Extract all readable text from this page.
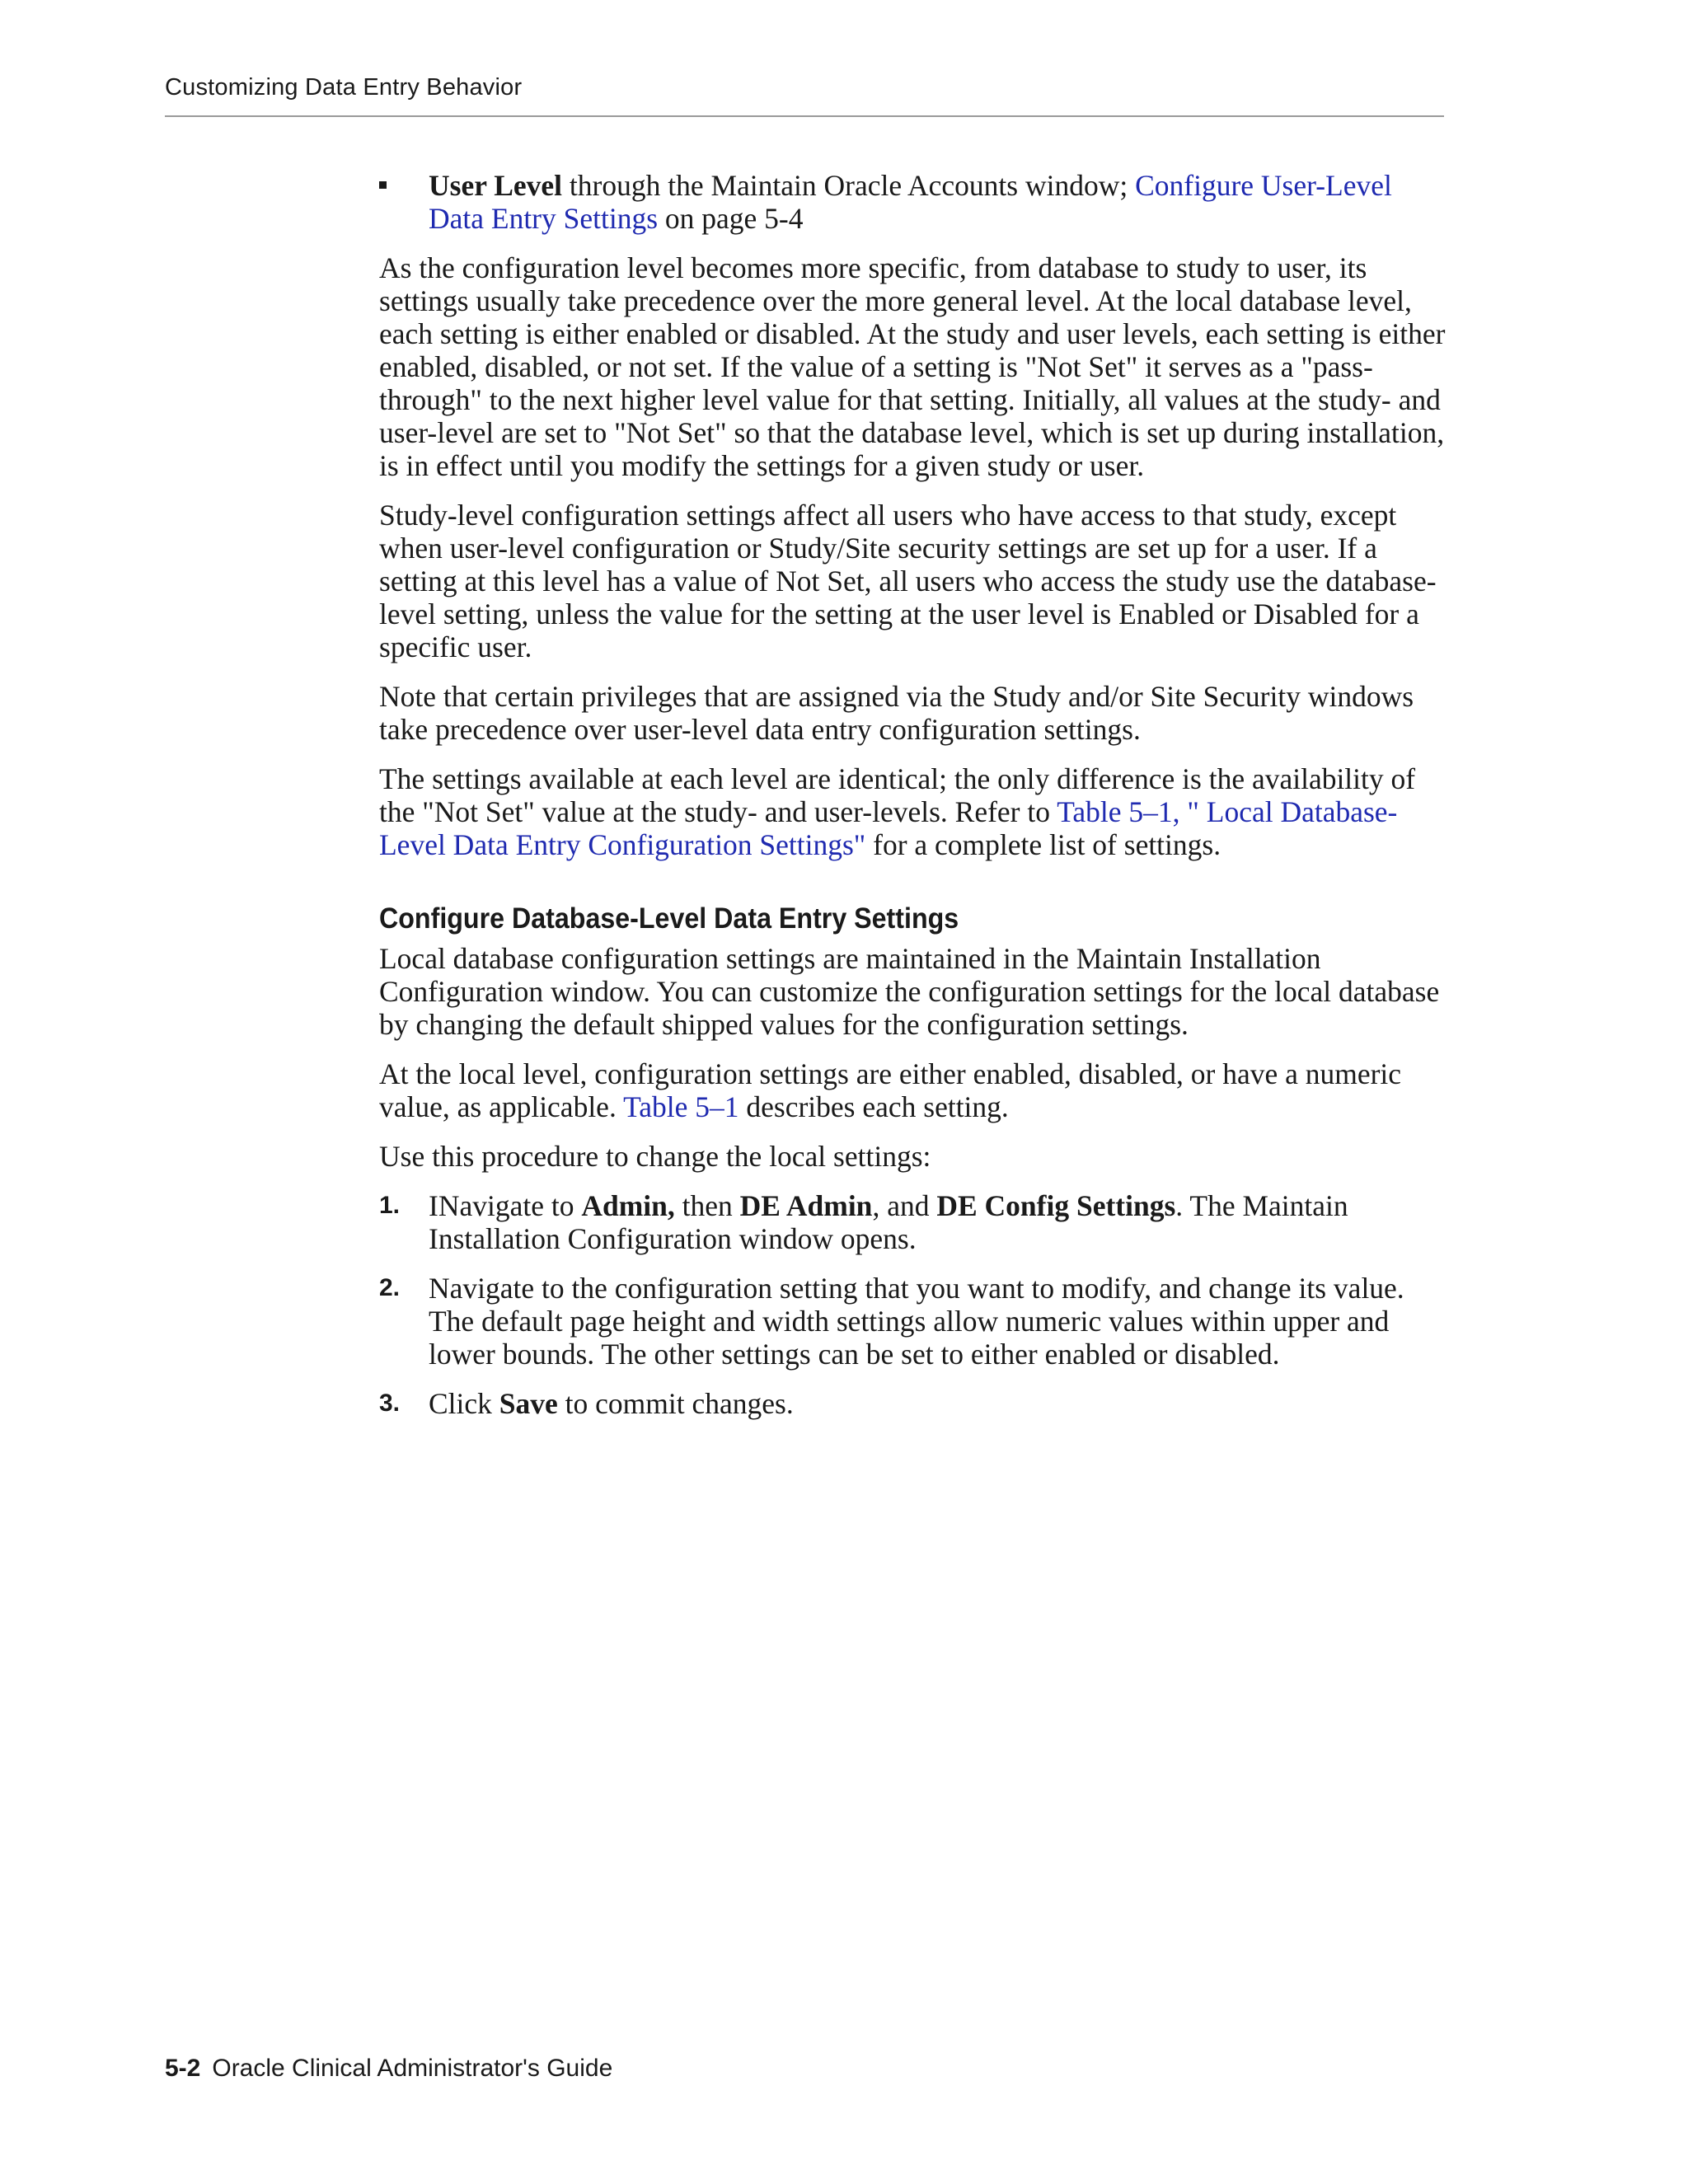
Customizing Data Entry Behavior
User Level through the Maintain Oracle Accounts window; Configure User-Level Data Entry Settings on page 5-4

As the configuration level becomes more specific, from database to study to user, its settings usually take precedence over the more general level. At the local database level, each setting is either enabled or disabled. At the study and user levels, each setting is either enabled, disabled, or not set. If the value of a setting is "Not Set" it serves as a "pass-through" to the next higher level value for that setting. Initially, all values at the study- and user-level are set to "Not Set" so that the database level, which is set up during installation, is in effect until you modify the settings for a given study or user.

Study-level configuration settings affect all users who have access to that study, except when user-level configuration or Study/Site security settings are set up for a user. If a setting at this level has a value of Not Set, all users who access the study use the database-level setting, unless the value for the setting at the user level is Enabled or Disabled for a specific user.

Note that certain privileges that are assigned via the Study and/or Site Security windows take precedence over user-level data entry configuration settings.

The settings available at each level are identical; the only difference is the availability of the "Not Set" value at the study- and user-levels. Refer to Table 5–1, " Local Database-Level Data Entry Configuration Settings" for a complete list of settings.

Configure Database-Level Data Entry Settings

Local database configuration settings are maintained in the Maintain Installation Configuration window. You can customize the configuration settings for the local database by changing the default shipped values for the configuration settings.

At the local level, configuration settings are either enabled, disabled, or have a numeric value, as applicable. Table 5–1 describes each setting.

Use this procedure to change the local settings:

1. INavigate to Admin, then DE Admin, and DE Config Settings. The Maintain Installation Configuration window opens.
2. Navigate to the configuration setting that you want to modify, and change its value. The default page height and width settings allow numeric values within upper and lower bounds. The other settings can be set to either enabled or disabled.
3. Click Save to commit changes.
5-2 Oracle Clinical Administrator's Guide
